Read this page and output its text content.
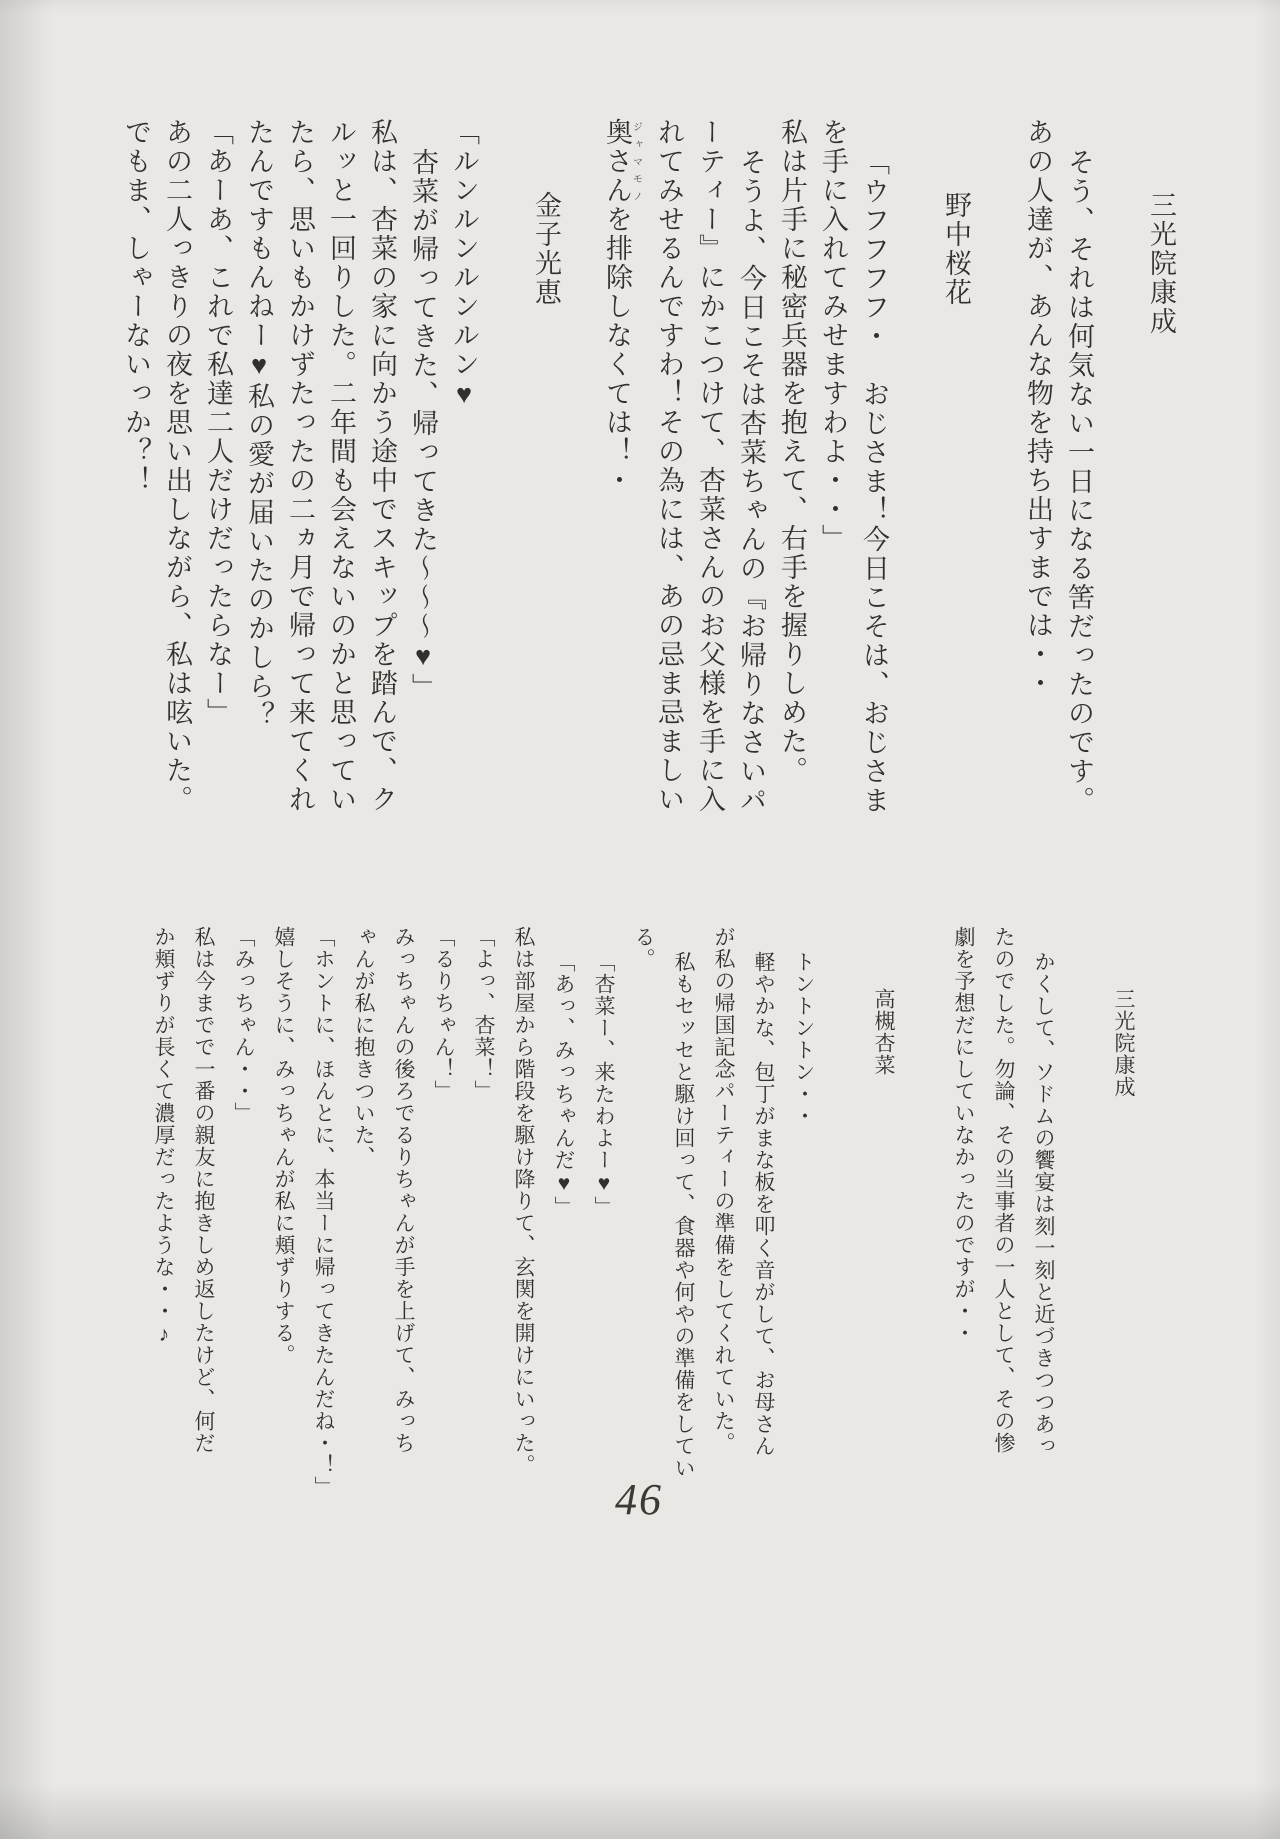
三光院康成
そう、それは何気ない一日になる筈だったのです。
あの人達が、あんな物を持ち出すまでは・・
野中桜花
「ウフフフフ・　おじさま！今日こそは、おじさま
を手に入れてみせますわよ・・」
私は片手に秘密兵器を抱えて、右手を握りしめた。
そうよ、今日こそは杏菜ちゃんの『お帰りなさいパ
ーティー』にかこつけて、杏菜さんのお父様を手に入
れてみせるんですわ！その為には、あの忌ま忌ましい
奥さんジャマモノを排除しなくては！・
金子光恵
「ルンルンルンルン♥
杏菜が帰ってきた、帰ってきた～～～♥」
私は、杏菜の家に向かう途中でスキップを踏んで、ク
ルッと一回りした。二年間も会えないのかと思ってい
たら、思いもかけずたったの二ヵ月で帰って来てくれ
たんですもんねー♥私の愛が届いたのかしら？
「あーあ、これで私達二人だけだったらなー」
あの二人っきりの夜を思い出しながら、私は呟いた。
でもま、しゃーないっか？！
三光院康成
かくして、ソドムの饗宴は刻一刻と近づきつつあっ
たのでした。勿論、その当事者の一人として、その惨
劇を予想だにしていなかったのですが・・
高槻杏菜
トントントン・・
軽やかな、包丁がまな板を叩く音がして、お母さん
が私の帰国記念パーティーの準備をしてくれていた。
私もセッセと駆け回って、食器や何やの準備をしてい
る。
「杏菜ー、来たわよー♥」
「あっ、みっちゃんだ♥」
私は部屋から階段を駆け降りて、玄関を開けにいった。
「よっ、杏菜！」
「るりちゃん！」
みっちゃんの後ろでるりちゃんが手を上げて、みっち
ゃんが私に抱きついた、
「ホントに、ほんとに、本当ーに帰ってきたんだね・！」
嬉しそうに、みっちゃんが私に頬ずりする。
「みっちゃん・・」
私は今までで一番の親友に抱きしめ返したけど、何だ
か頬ずりが長くて濃厚だったような・・♪
46
